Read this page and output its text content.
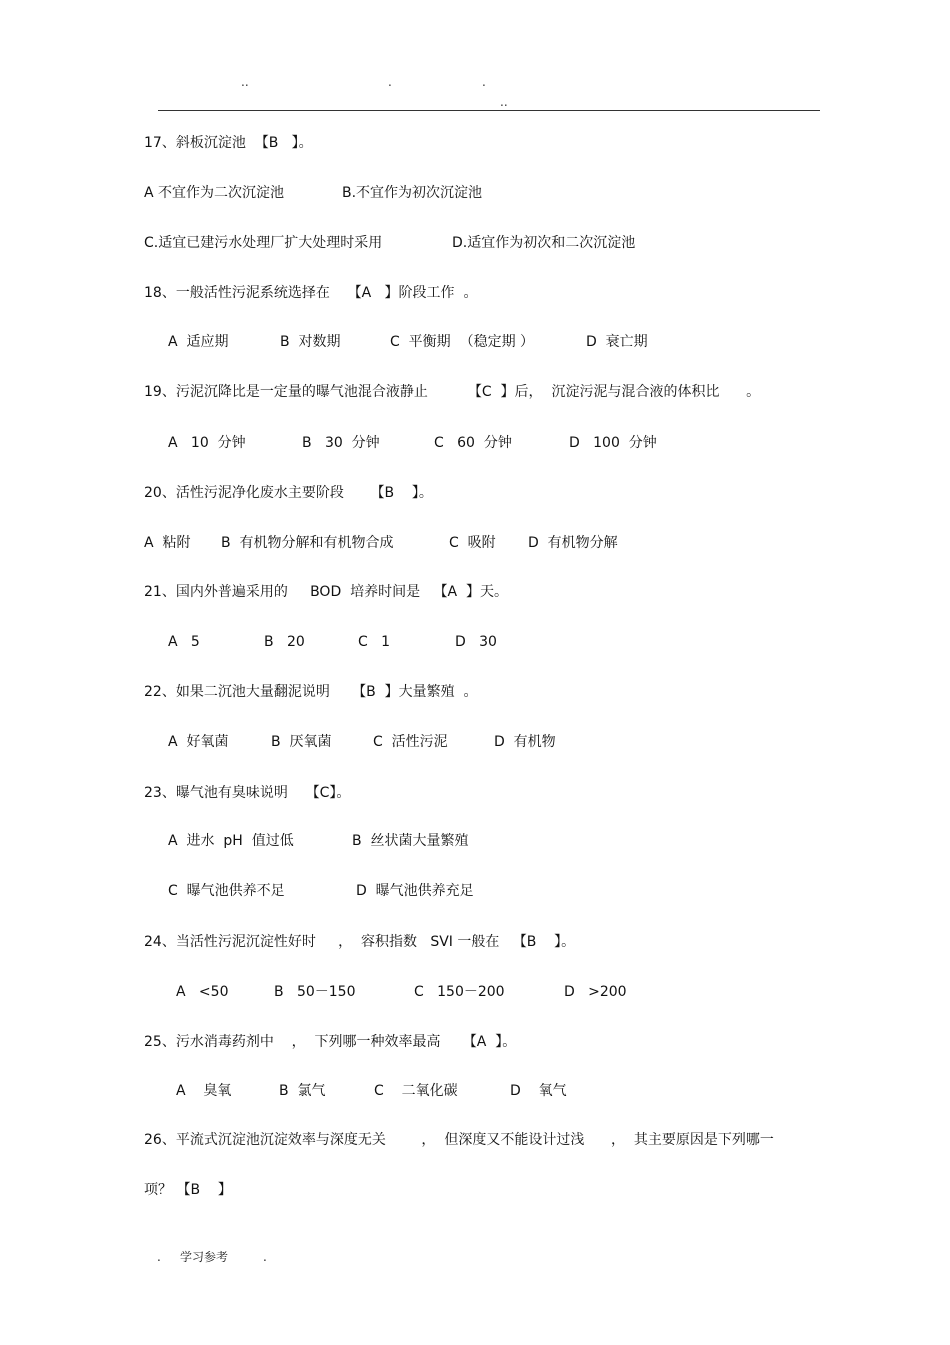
..	.	.
..
17、斜板沉淀池  【B   】。
A 不宜作为二次沉淀池	B.不宜作为初次沉淀池
C.适宜已建污水处理厂扩大处理时采用	D.适宜作为初次和二次沉淀池
18、一般活性污泥系统选择在    【A   】阶段工作  。
A  适应期	B  对数期	C  平衡期  （稳定期 ）	D  衰亡期
19、污泥沉降比是一定量的曝气池混合液静止         【C  】后，  沉淀污泥与混合液的体积比      。
A   10  分钟	B   30  分钟	C   60  分钟	D   100  分钟
20、活性污泥净化废水主要阶段      【B    】。
A  粘附 B  有机物分解和有机物合成	C  吸附 D  有机物分解
21、国内外普遍采用的     BOD  培养时间是   【A  】天。
A   5	B   20	C   1	D   30
22、如果二沉池大量翻泥说明     【B  】大量繁殖  。
A  好氧菌	B  厌氧菌	C  活性污泥	D  有机物
23、曝气池有臭味说明    【C】。
A  进水  pH  值过低	B  丝状菌大量繁殖
C  曝气池供养不足	D  曝气池供养充足
24、当活性污泥沉淀性好时     ，  容积指数   SVI 一般在   【B    】。
A   <50	B   50－150	C   150－200	D   >200
25、污水消毒药剂中    ，  下列哪一种效率最高     【A  】。
A    臭氧	B  氯气	C    二氧化碳	D    氧气
26、平流式沉淀池沉淀效率与深度无关        ，  但深度又不能设计过浅      ，  其主要原因是下列哪一
项？ 【B    】
. 学习参考	.
